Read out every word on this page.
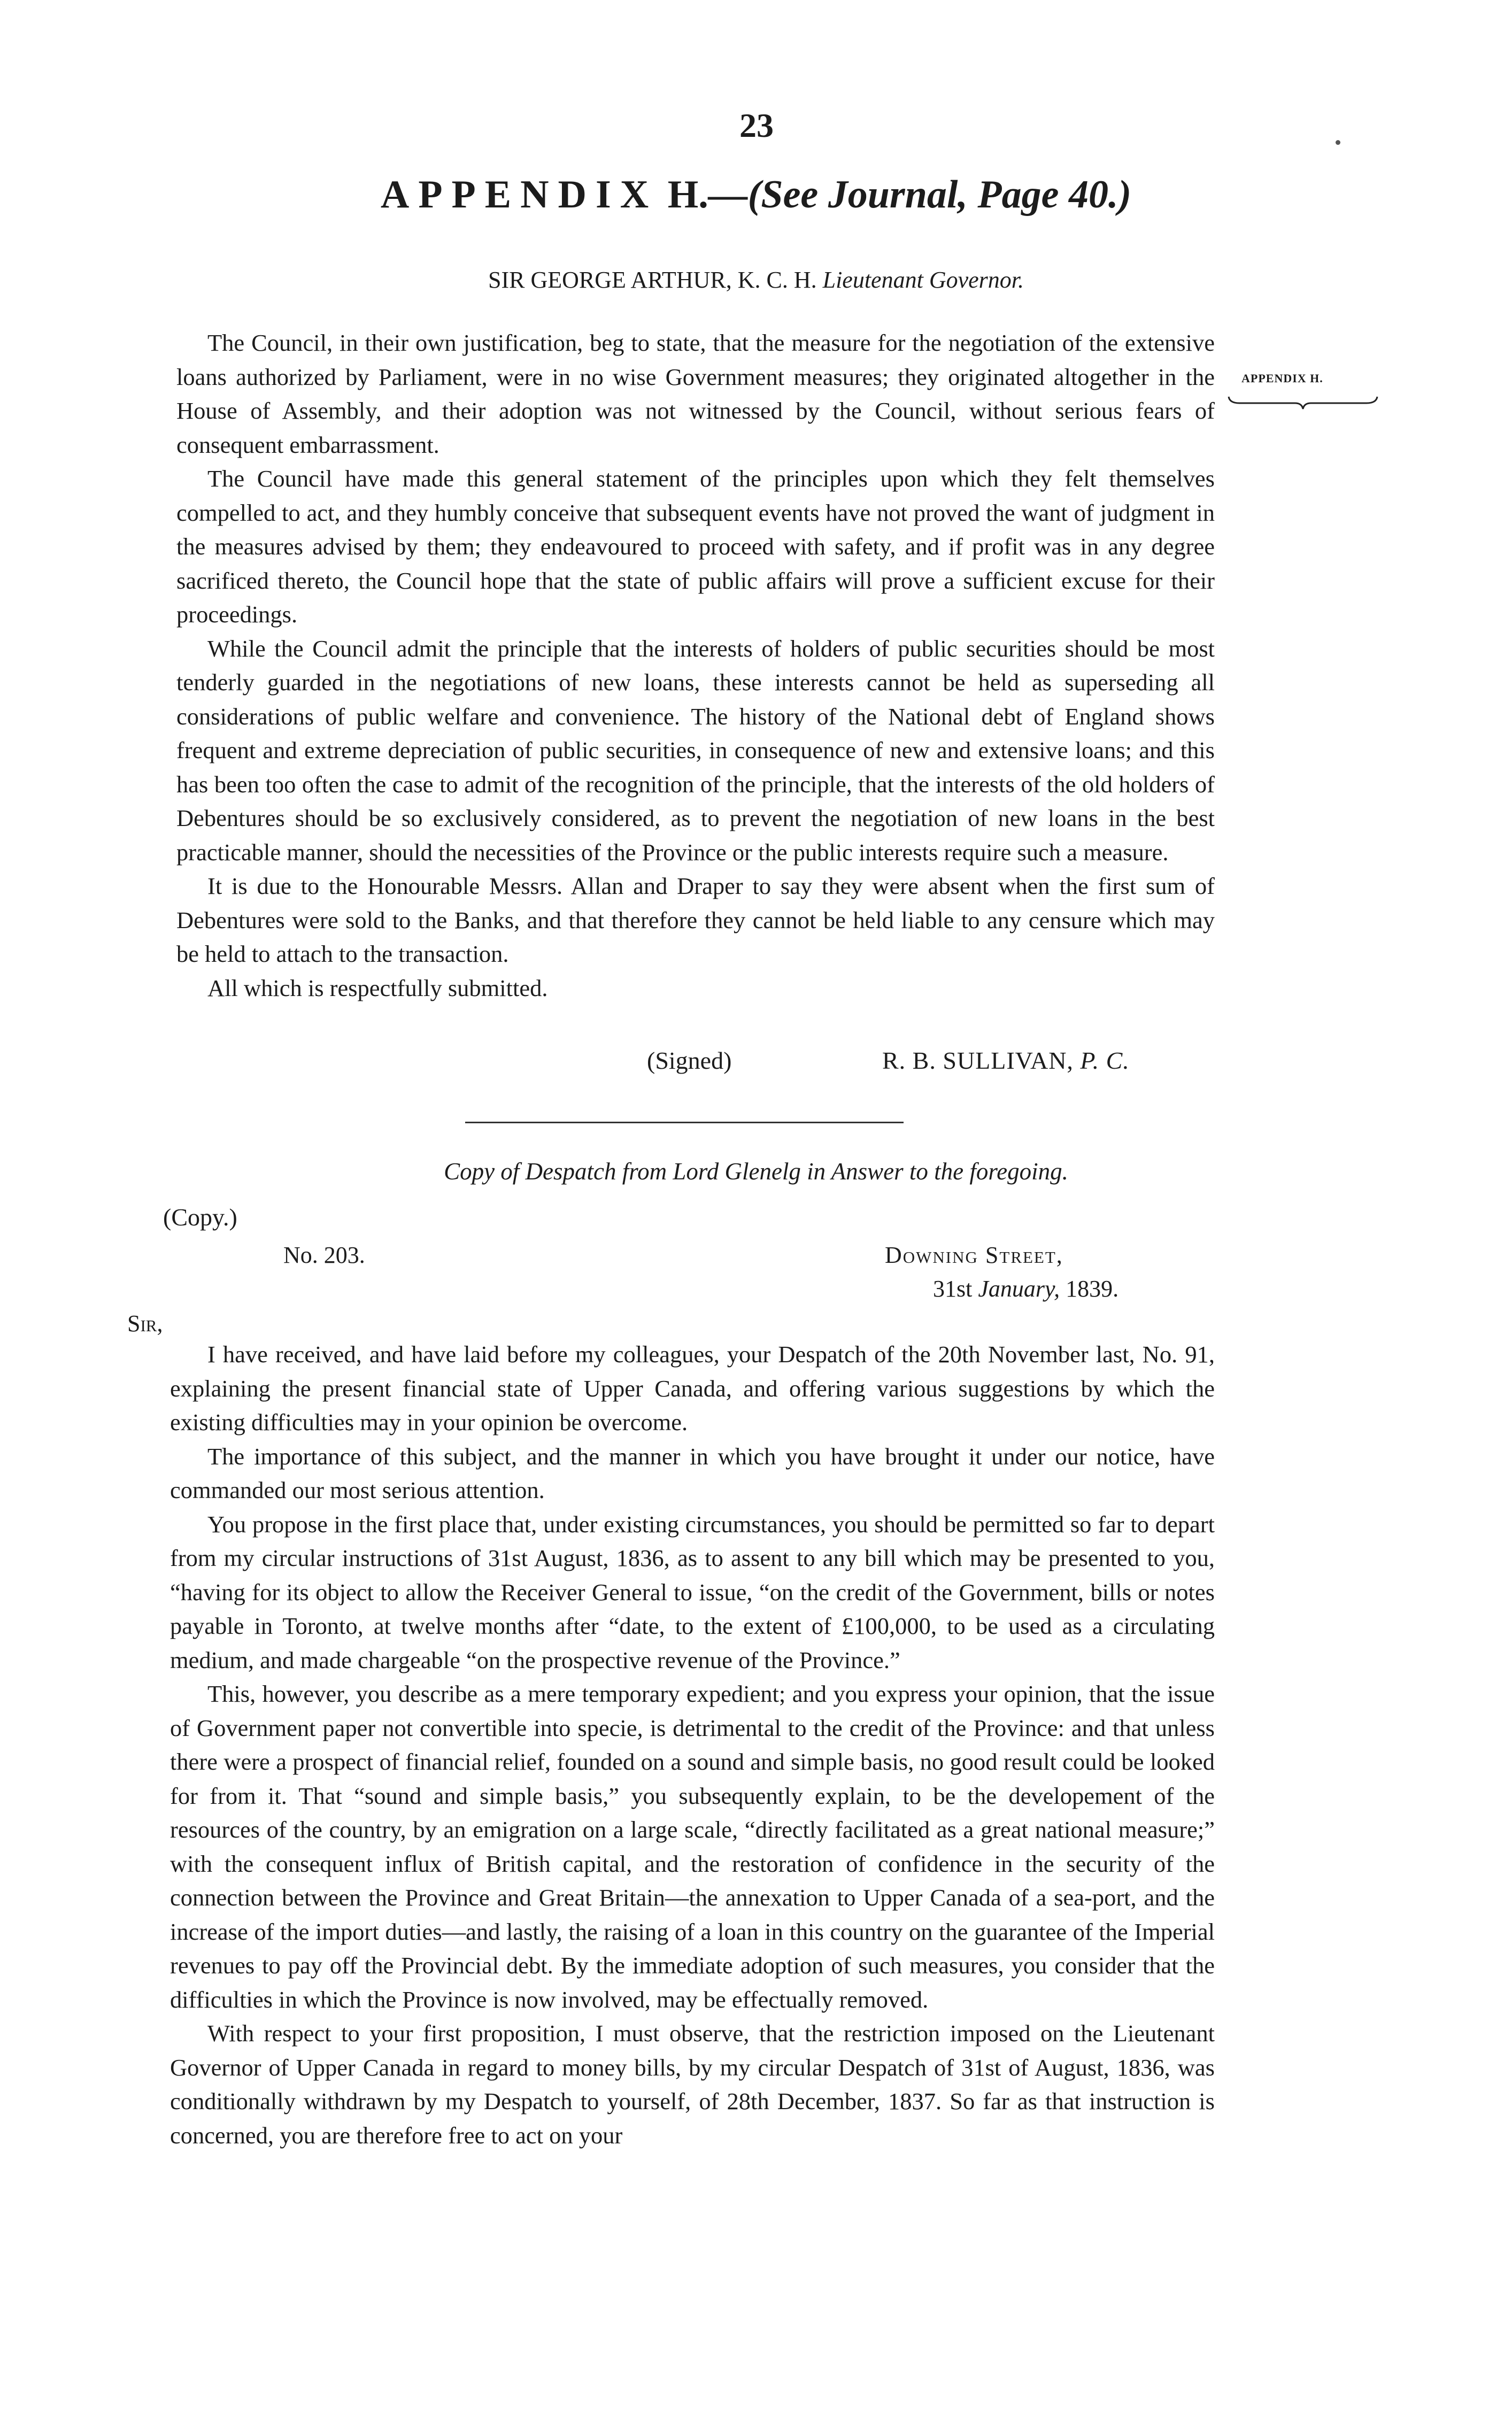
23
APPENDIX H.—(See Journal, Page 40.)
SIR GEORGE ARTHUR, K. C. H. Lieutenant Governor.
APPENDIX H.

The Council, in their own justification, beg to state, that the measure for the negotiation of the extensive loans authorized by Parliament, were in no wise Government measures; they originated altogether in the House of Assembly, and their adoption was not witnessed by the Council, without serious fears of consequent embarrassment.

The Council have made this general statement of the principles upon which they felt themselves compelled to act, and they humbly conceive that subsequent events have not proved the want of judgment in the measures advised by them; they endeavoured to proceed with safety, and if profit was in any degree sacrificed thereto, the Council hope that the state of public affairs will prove a sufficient excuse for their proceedings.

While the Council admit the principle that the interests of holders of public securities should be most tenderly guarded in the negotiations of new loans, these interests cannot be held as superseding all considerations of public welfare and convenience. The history of the National debt of England shows frequent and extreme depreciation of public securities, in consequence of new and extensive loans; and this has been too often the case to admit of the recognition of the principle, that the interests of the old holders of Debentures should be so exclusively considered, as to prevent the negotiation of new loans in the best practicable manner, should the necessities of the Province or the public interests require such a measure.

It is due to the Honourable Messrs. Allan and Draper to say they were absent when the first sum of Debentures were sold to the Banks, and that therefore they cannot be held liable to any censure which may be held to attach to the transaction.

All which is respectfully submitted.

(Signed)	R. B. SULLIVAN, P. C.
Copy of Despatch from Lord Glenelg in Answer to the foregoing.
(Copy.)
No. 203.	Downing Street,
31st January, 1839.
Sir,

I have received, and have laid before my colleagues, your Despatch of the 20th November last, No. 91, explaining the present financial state of Upper Canada, and offering various suggestions by which the existing difficulties may in your opinion be overcome.

The importance of this subject, and the manner in which you have brought it under our notice, have commanded our most serious attention.

You propose in the first place that, under existing circumstances, you should be permitted so far to depart from my circular instructions of 31st August, 1836, as to assent to any bill which may be presented to you, “having for its object to allow the Receiver General to issue, “on the credit of the Government, bills or notes payable in Toronto, at twelve months after “date, to the extent of £100,000, to be used as a circulating medium, and made chargeable “on the prospective revenue of the Province.”

This, however, you describe as a mere temporary expedient; and you express your opinion, that the issue of Government paper not convertible into specie, is detrimental to the credit of the Province: and that unless there were a prospect of financial relief, founded on a sound and simple basis, no good result could be looked for from it. That “sound and simple basis,” you subsequently explain, to be the developement of the resources of the country, by an emigration on a large scale, “directly facilitated as a great national measure;” with the consequent influx of British capital, and the restoration of confidence in the security of the connection between the Province and Great Britain—the annexation to Upper Canada of a sea-port, and the increase of the import duties—and lastly, the raising of a loan in this country on the guarantee of the Imperial revenues to pay off the Provincial debt. By the immediate adoption of such measures, you consider that the difficulties in which the Province is now involved, may be effectually removed.

With respect to your first proposition, I must observe, that the restriction imposed on the Lieutenant Governor of Upper Canada in regard to money bills, by my circular Despatch of 31st of August, 1836, was conditionally withdrawn by my Despatch to yourself, of 28th December, 1837. So far as that instruction is concerned, you are therefore free to act on your
